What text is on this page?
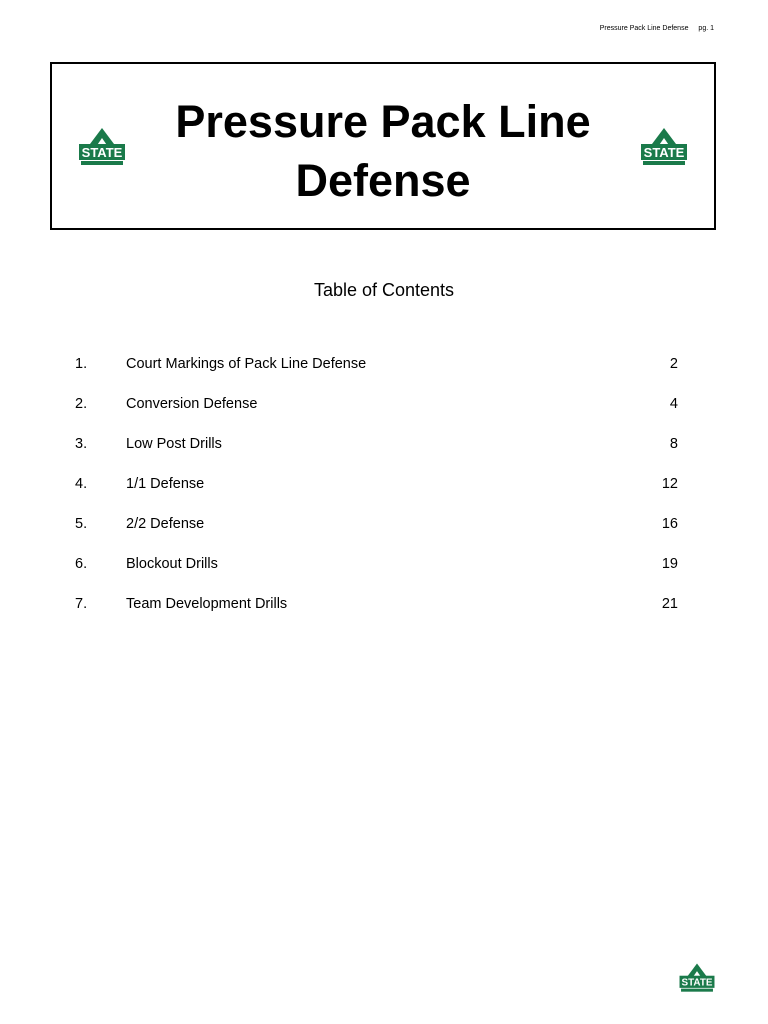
Pressure Pack Line Defense pg. 1
STATE
Pressure Pack Line Defense
STATE
Table of Contents
1.	Court Markings of Pack Line Defense	2
2.	Conversion Defense	4
3.	Low Post Drills	8
4.	1/1 Defense	12
5.	2/2 Defense	16
6.	Blockout Drills	19
7.	Team Development Drills	21
STATE
